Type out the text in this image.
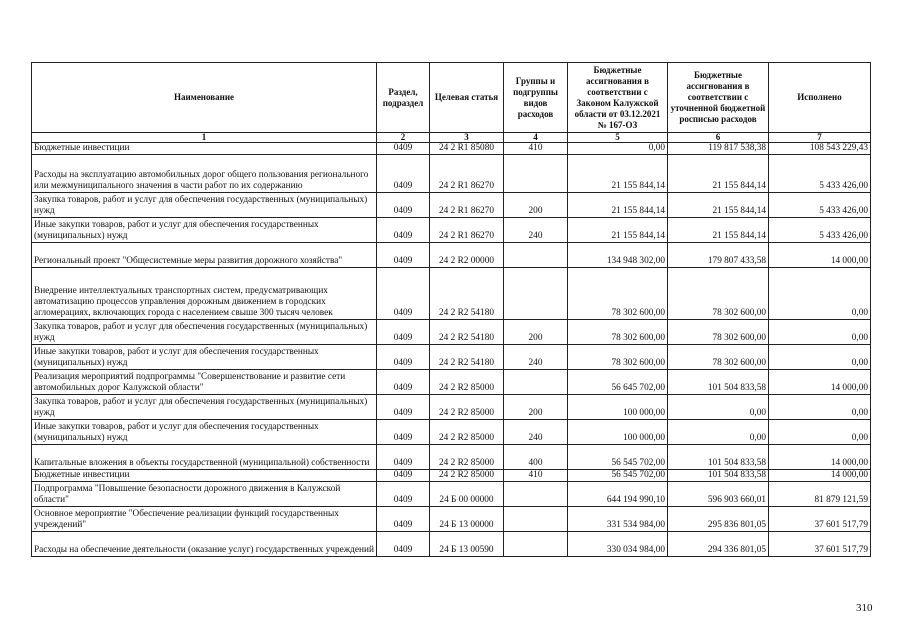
Наименование	Раздел, подраздел	Целевая статья	Группы и подгруппы видов расходов	Бюджетные ассигнования в соответствии с Законом Калужской области от 03.12.2021 № 167-ОЗ	Бюджетные ассигнования в соответствии с уточненной бюджетной росписью расходов	Исполнено
1	2	3	4	5	6	7
Бюджетные инвестиции	0409	24 2 R1 85080	410	0,00	119 817 538,38	108 543 229,43
Расходы на эксплуатацию автомобильных дорог общего пользования регионального или межмуниципального значения в части работ по их содержанию	0409	24 2 R1 86270		21 155 844,14	21 155 844,14	5 433 426,00
Закупка товаров, работ и услуг для обеспечения государственных (муниципальных) нужд	0409	24 2 R1 86270	200	21 155 844,14	21 155 844,14	5 433 426,00
Иные закупки товаров, работ и услуг для обеспечения государственных (муниципальных) нужд	0409	24 2 R1 86270	240	21 155 844,14	21 155 844,14	5 433 426,00
Региональный проект "Общесистемные меры развития дорожного хозяйства"	0409	24 2 R2 00000		134 948 302,00	179 807 433,58	14 000,00
Внедрение интеллектуальных транспортных систем, предусматривающих автоматизацию процессов управления дорожным движением в городских агломерациях, включающих города с населением свыше 300 тысяч человек	0409	24 2 R2 54180		78 302 600,00	78 302 600,00	0,00
Закупка товаров, работ и услуг для обеспечения государственных (муниципальных) нужд	0409	24 2 R2 54180	200	78 302 600,00	78 302 600,00	0,00
Иные закупки товаров, работ и услуг для обеспечения государственных (муниципальных) нужд	0409	24 2 R2 54180	240	78 302 600,00	78 302 600,00	0,00
Реализация мероприятий подпрограммы "Совершенствование и развитие сети автомобильных дорог Калужской области"	0409	24 2 R2 85000		56 645 702,00	101 504 833,58	14 000,00
Закупка товаров, работ и услуг для обеспечения государственных (муниципальных) нужд	0409	24 2 R2 85000	200	100 000,00	0,00	0,00
Иные закупки товаров, работ и услуг для обеспечения государственных (муниципальных) нужд	0409	24 2 R2 85000	240	100 000,00	0,00	0,00
Капитальные вложения в объекты государственной (муниципальной) собственности	0409	24 2 R2 85000	400	56 545 702,00	101 504 833,58	14 000,00
Бюджетные инвестиции	0409	24 2 R2 85000	410	56 545 702,00	101 504 833,58	14 000,00
Подпрограмма "Повышение безопасности дорожного движения в Калужской области"	0409	24 Б 00 00000		644 194 990,10	596 903 660,01	81 879 121,59
Основное мероприятие "Обеспечение реализации функций государственных учреждений"	0409	24 Б 13 00000		331 534 984,00	295 836 801,05	37 601 517,79
Расходы на обеспечение деятельности (оказание услуг) государственных учреждений	0409	24 Б 13 00590		330 034 984,00	294 336 801,05	37 601 517,79
310
